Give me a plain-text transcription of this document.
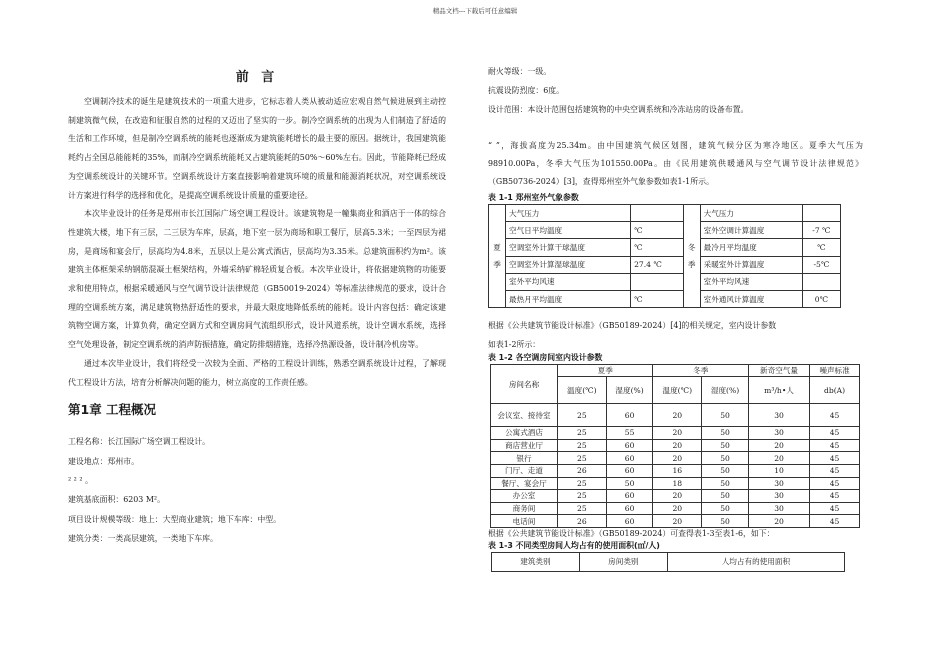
精品文档---下载后可任意编辑

前 言

空调制冷技术的诞生是建筑技术的一项重大进步，它标志着人类从被动适应宏观自然气候进展到主动控制建筑微气候，在改造和征服自然的过程的又迈出了坚实的一步。制冷空调系统的出现为人们制造了舒适的生活和工作环境，但是制冷空调系统的能耗也逐渐成为建筑能耗增长的最主要的原因。据统计，我国建筑能耗约占全国总能能耗的35%，而制冷空调系统能耗又占建筑能耗的50%～60%左右。因此，节能降耗已经成为空调系统设计的关键环节。空调系统设计方案直接影响着建筑环境的质量和能源消耗状况，对空调系统设计方案进行科学的选择和优化，是提高空调系统设计质量的重要途径。

本次毕业设计的任务是郑州市长江国际广场空调工程设计。该建筑物是一幢集商业和酒店于一体的综合性建筑大楼，地下有三层，二三层为车库，层高，地下室一层为商场和职工餐厅，层高5.3米；一至四层为裙房，是商场和宴会厅，层高均为4.8米，五层以上是公寓式酒店，层高均为3.35米。总建筑面积约为m²。该建筑主体框架采纳钢筋混凝土框架结构，外墙采纳矿棉轻质复合板。本次毕业设计，将依据建筑物的功能要求和使用特点，根据采暖通风与空气调节设计法律规范（GB50019-2024）等标准法律规范的要求，设计合理的空调系统方案，满足建筑物热舒适性的要求，并最大限度地降低系统的能耗。设计内容包括：确定该建筑物空调方案，计算负荷，确定空调方式和空调房间气流组织形式，设计风道系统，设计空调水系统，选择空气处理设备，制定空调系统的消声防振措施，确定防排烟措施，选择冷热源设备，设计制冷机房等。

通过本次毕业设计，我们将经受一次较为全面、严格的工程设计训练，熟悉空调系统设计过程，了解现代工程设计方法，培育分析解决问题的能力，树立高度的工作责任感。

第1章 工程概况

工程名称：长江国际广场空调工程设计。

建设地点：郑州市。

² ² ² 。

建筑基底面积：6203 M²。

项目设计规模等级：地上：大型商业建筑；地下车库：中型。

建筑分类：一类高层建筑，一类地下车库。

耐火等级：一级。

抗震设防烈度：6度。

设计范围：本设计范围包括建筑物的中央空调系统和冷冻站房的设备布置。

“ ”，海拔高度为25.34m。由中国建筑气候区划图，建筑气候分区为寒冷地区。夏季大气压为98910.00Pa，冬季大气压为101550.00Pa。由《民用建筑供暖通风与空气调节设计法律规范》（GB50736-2024）[3]，查得郑州室外气象参数如表1-1所示。

表 1-1 郑州室外气象参数

夏季	大气压力		冬季	大气压力	
	空气日平均温度	℃		室外空调计算温度	-7 ℃
	空调室外计算干球温度	℃		最冷月平均温度	℃
	空调室外计算湿球温度	27.4 ℃		采暖室外计算温度	-5℃
	室外平均风速			室外平均风速	
	最热月平均温度	℃		室外通风计算温度	0℃

根据《公共建筑节能设计标准》（GB50189-2024）[4]的相关规定，室内设计参数

如表1-2所示：

表 1-2 各空调房间室内设计参数

房间名称	夏季		冬季		新奇空气量	噪声标准
	温度(℃)	湿度(%)	温度(℃)	湿度(%)	m³/h•人	db(A)
会议室、接待室	25	60	20	50	30	45
公寓式酒店	25	55	20	50	30	45
商店营业厅	25	60	20	50	20	45
银行	25	60	20	50	20	45
门厅、走道	26	60	16	50	10	45
餐厅、宴会厅	25	50	18	50	30	45
办公室	25	60	20	50	30	45
商务间	25	60	20	50	30	45
电话间	26	60	20	50	20	45

根据《公共建筑节能设计标准》（GB50189-2024）可查得表1-3至表1-6，如下：

表 1-3 不同类型房间人均占有的使用面积(㎡/人)

建筑类别	房间类别	人均占有的使用面积
